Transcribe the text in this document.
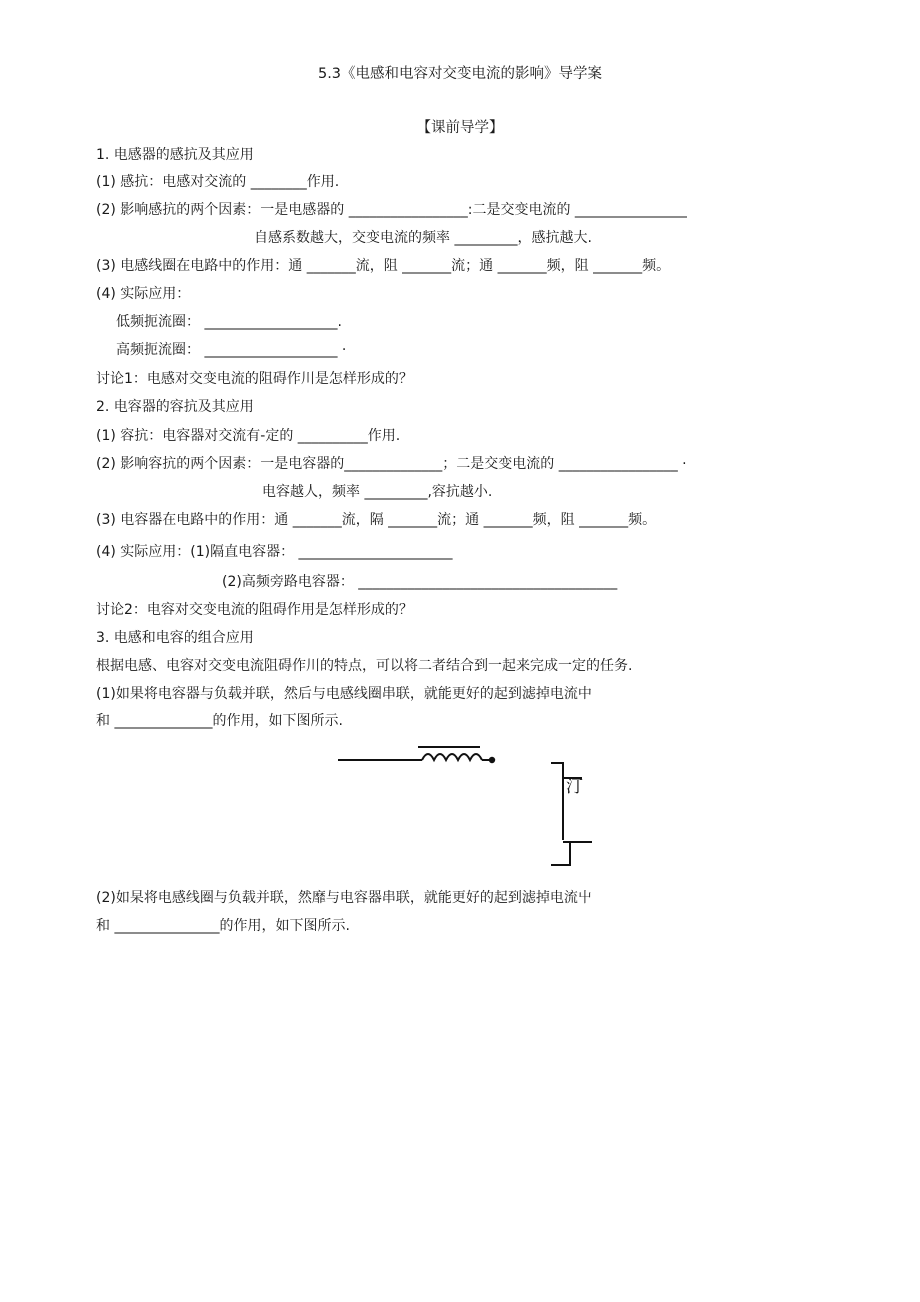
5.3《电感和电容对交变电流的影响》导学案
【课前导学】
1. 电感器的感抗及其应用
(1) 感抗：电感对交流的 ________作用.
(2) 影响感抗的两个因素：一是电感器的 _________________:二是交变电流的 ________________
自感系数越大，交变电流的频率 _________，感抗越大.
(3) 电感线圈在电路中的作用：通 _______流，阻 _______流；通 _______频，阻 _______频。
(4) 实际应用：
低频扼流圈： ___________________.
高频扼流圈： ___________________ ·
讨论1：电感对交变电流的阻碍作川是怎样形成的？
2. 电容器的容抗及其应用
(1) 容抗：电容器对交流有-定的 __________作用.
(2) 影响容抗的两个因素：一是电容器的______________；二是交变电流的 _________________ ·
电容越人，频率 _________,容抗越小.
(3) 电容器在电路中的作用：通 _______流，隔 _______流；通 _______频，阻 _______频。
(4) 实际应用：(1)隔直电容器： ______________________
(2)高频旁路电容器： _____________________________________
讨论2：电容对交变电流的阻碍作用是怎样形成的？
3. 电感和电容的组合应用
根据电感、电容对交变电流阻碍作川的特点，可以将二者结合到一起来完成一定的任务.
(1)如果将电容器与负载并联，然后与电感线圈串联，就能更好的起到滤掉电流中
和 ______________的作用，如下图所示.
汀
(2)如杲将电感线圈与负载并联，然靡与电容器串联，就能更好的起到滤掉电流屮
和 _______________的作用，如下图所示.
